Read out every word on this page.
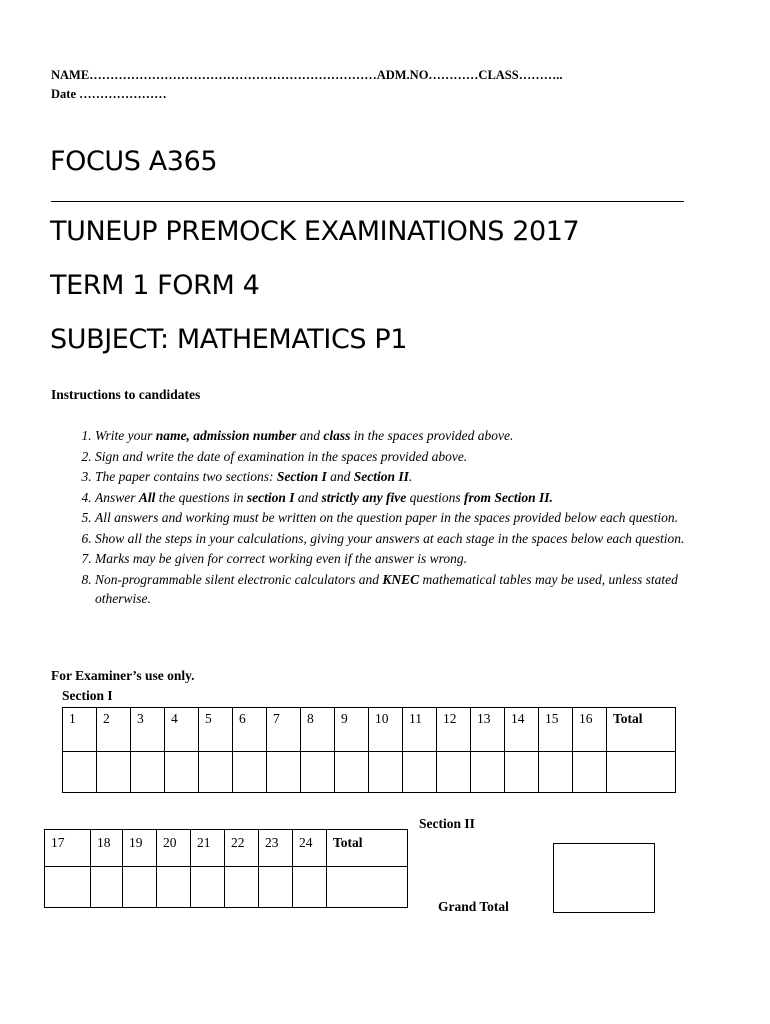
NAME……………………………………………………………ADM.NO…………CLASS………..
Date …………………
FOCUS A365
TUNEUP PREMOCK EXAMINATIONS 2017
TERM 1 FORM 4
SUBJECT: MATHEMATICS P1
Instructions to candidates
1. Write your name, admission number and class in the spaces provided above.
2. Sign and write the date of examination in the spaces provided above.
3. The paper contains two sections: Section I and Section II.
4. Answer All the questions in section I and strictly any five questions from Section II.
5. All answers and working must be written on the question paper in the spaces provided below each question.
6. Show all the steps in your calculations, giving your answers at each stage in the spaces below each question.
7. Marks may be given for correct working even if the answer is wrong.
8. Non-programmable silent electronic calculators and KNEC mathematical tables may be used, unless stated otherwise.
For Examiner’s use only.
Section I
1	2	3	4	5	6	7	8	9	10	11	12	13	14	15	16	Total

Section II
17	18	19	20	21	22	23	24	Total

Grand Total
